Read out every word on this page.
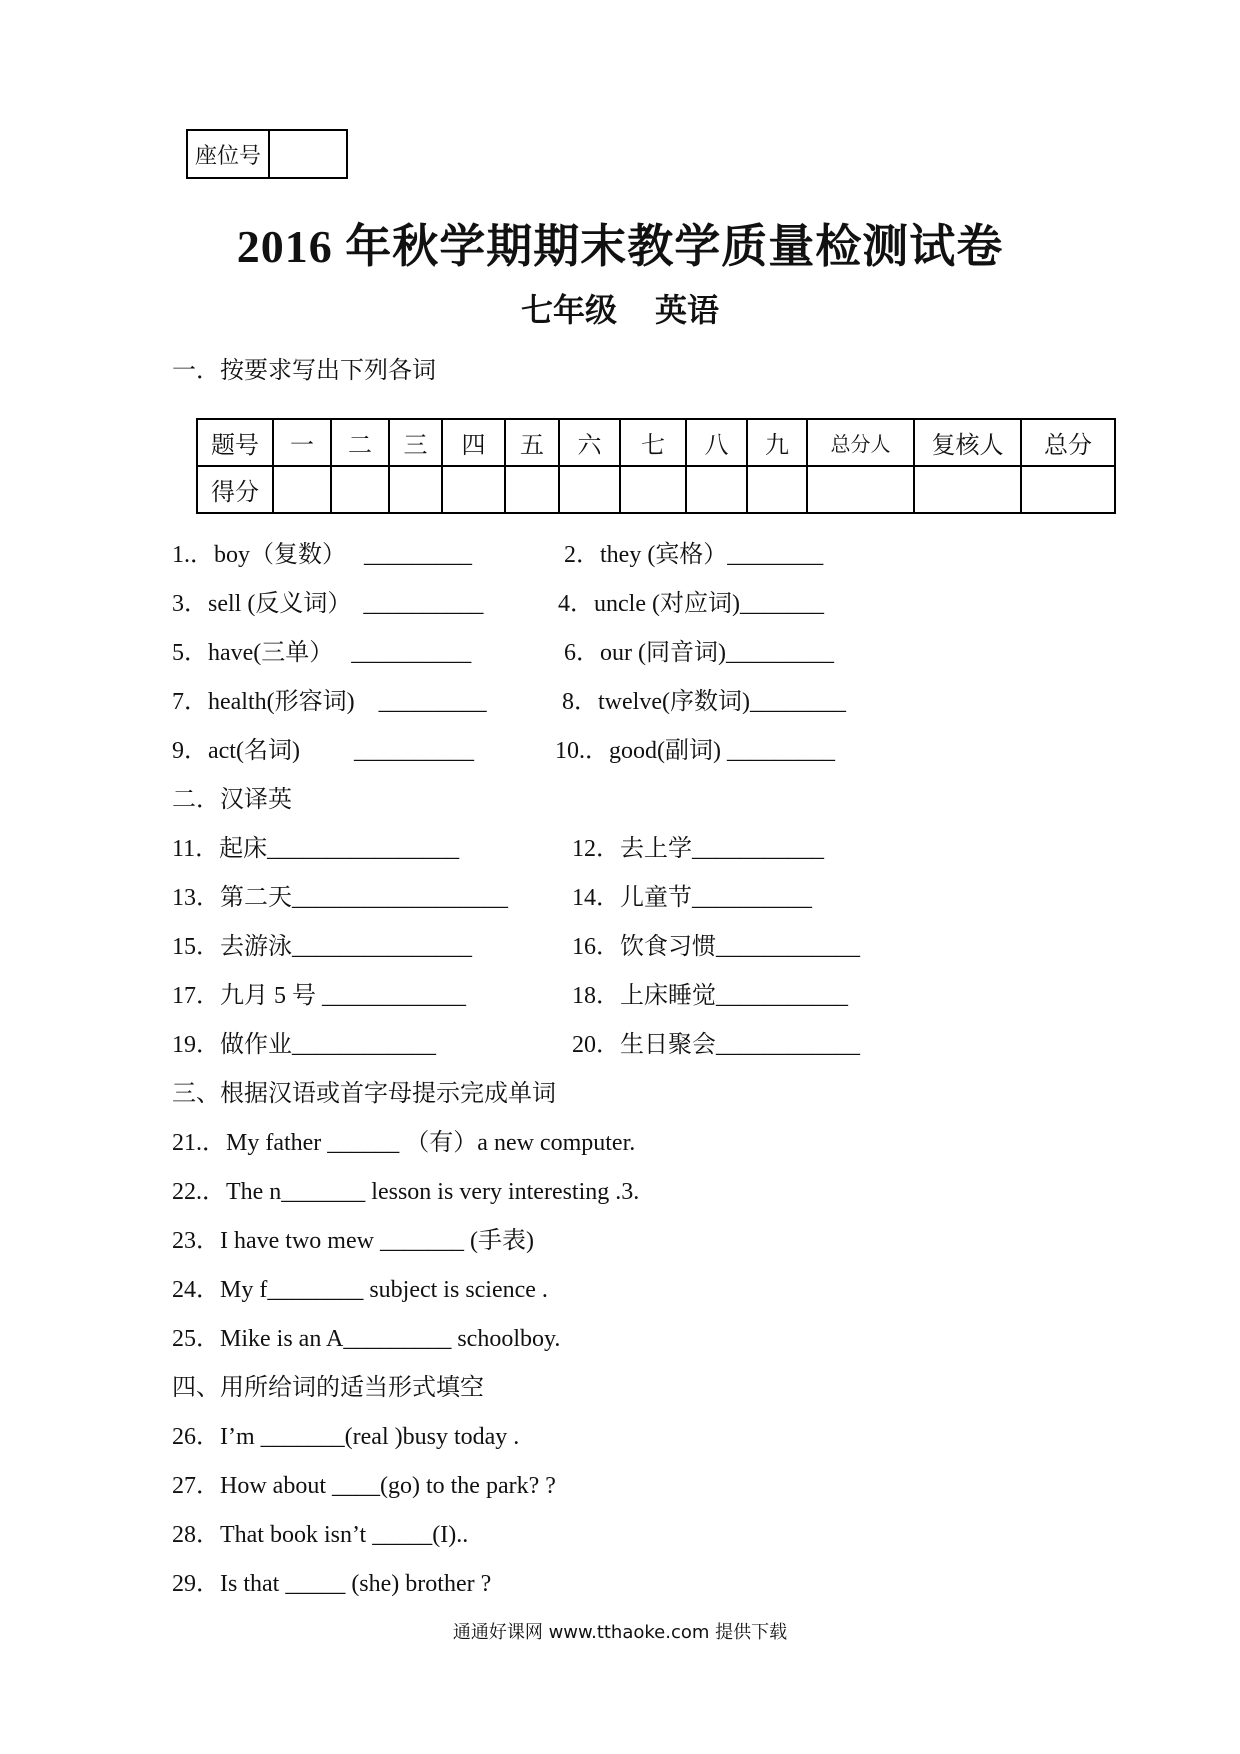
座位号
2016 年秋学期期末教学质量检测试卷
七年级 英语
一．按要求写出下列各词
题号	一	二	三	四	五	六	七	八	九	总分人	复核人	总分
得分												
1.．boy（复数）　 _________	2．they (宾格）________
3．sell (反义词）　__________	4．uncle (对应词)_______
5．have(三单）　 __________	6．our (同音词)_________
7．health(形容词)　_________	8．twelve(序数词)________
9．act(名词)　　 __________	10.．good(副词) _________
二．汉译英
11．起床________________	12．去上学___________
13．第二天__________________	14．儿童节__________
15．去游泳_______________	16．饮食习惯____________
17．九月 5 号 ____________	18．上床睡觉___________
19．做作业____________	20．生日聚会____________
三、根据汉语或首字母提示完成单词
21.．My father ______ （有）a new computer.
22.．The n_______ lesson is very interesting .3.
23．I have two mew _______ (手表)
24．My f________ subject is science .
25．Mike is an A_________ schoolboy.
四、用所给词的适当形式填空
26．I’m _______(real )busy today .
27．How about ____(go) to the park? ?
28．That book isn’t _____(I)..
29．Is that _____ (she) brother ?
通通好课网 www.tthaoke.com 提供下载
